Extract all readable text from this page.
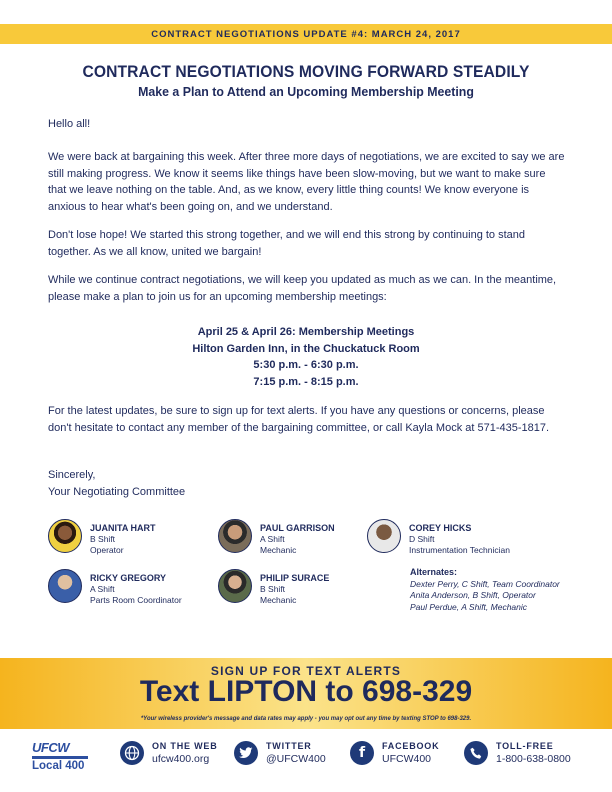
CONTRACT NEGOTIATIONS UPDATE #4: MARCH 24, 2017
CONTRACT NEGOTIATIONS MOVING FORWARD STEADILY
Make a Plan to Attend an Upcoming Membership Meeting

Hello all!

We were back at bargaining this week. After three more days of negotiations, we are excited to say we are still making progress. We know it seems like things have been slow-moving, but we want to make sure that we leave nothing on the table. And, as we know, every little thing counts! We know everyone is anxious to hear what's been going on, and we understand.

Don't lose hope! We started this strong together, and we will end this strong by continuing to stand together. As we all know, united we bargain!

While we continue contract negotiations, we will keep you updated as much as we can. In the meantime, please make a plan to join us for an upcoming membership meetings:

April 25 & April 26: Membership Meetings
Hilton Garden Inn, in the Chuckatuck Room
5:30 p.m. - 6:30 p.m.
7:15 p.m. - 8:15 p.m.

For the latest updates, be sure to sign up for text alerts. If you have any questions or concerns, please don't hesitate to contact any member of the bargaining committee, or call Kayla Mock at 571-435-1817.

Sincerely,
Your Negotiating Committee
JUANITA HART
B Shift
Operator
PAUL GARRISON
A Shift
Mechanic
COREY HICKS
D Shift
Instrumentation Technician
RICKY GREGORY
A Shift
Parts Room Coordinator
PHILIP SURACE
B Shift
Mechanic
Alternates:
Dexter Perry, C Shift, Team Coordinator
Anita Anderson, B Shift, Operator
Paul Perdue, A Shift, Mechanic
SIGN UP FOR TEXT ALERTS
Text LIPTON to 698-329
*Your wireless provider's message and data rates may apply - you may opt out any time by texting STOP to 698-329.
UFCW
Local 400
ON THE WEB
ufcw400.org
TWITTER
@UFCW400	f	FACEBOOK
UFCW400
TOLL-FREE
1-800-638-0800
